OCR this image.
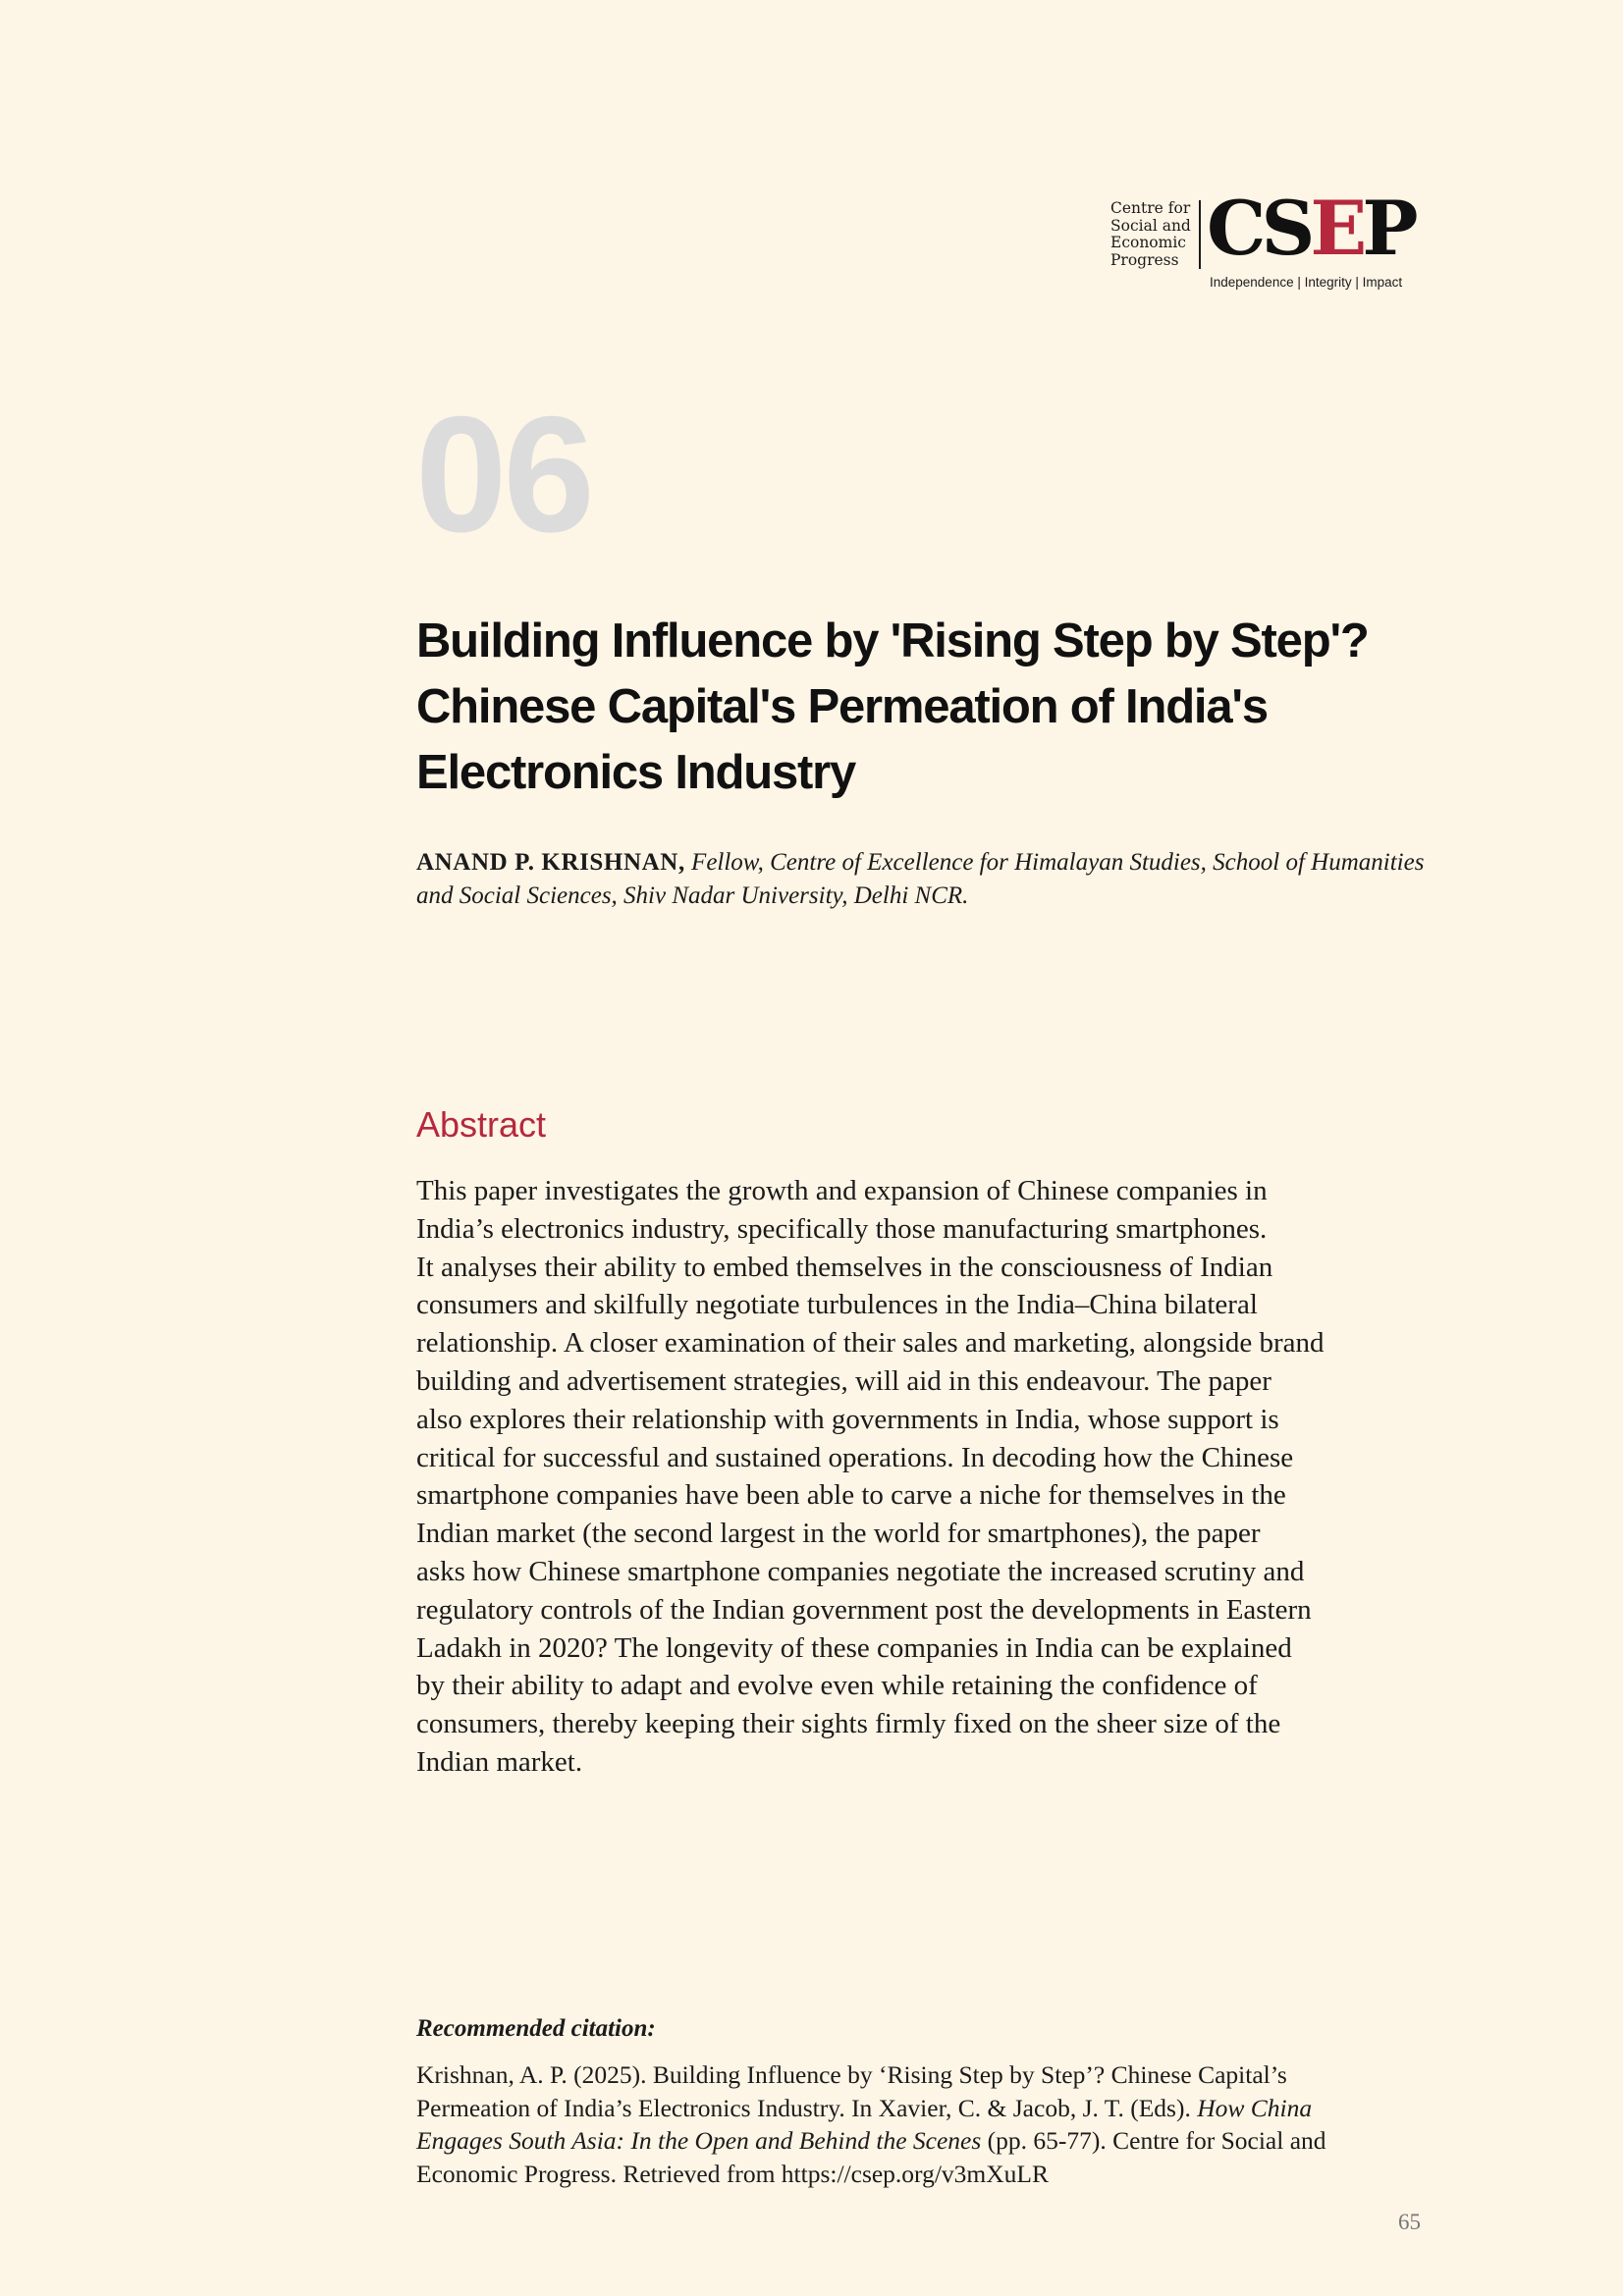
Centre for
Social and
Economic
Progress CSEP
Independence | Integrity | Impact
06
Building Influence by 'Rising Step by Step'?
Chinese Capital's Permeation of India's
Electronics Industry
ANAND P. KRISHNAN, Fellow, Centre of Excellence for Himalayan Studies, School of Humanities and Social Sciences, Shiv Nadar University, Delhi NCR.
Abstract
This paper investigates the growth and expansion of Chinese companies in
India’s electronics industry, specifically those manufacturing smartphones.
It analyses their ability to embed themselves in the consciousness of Indian
consumers and skilfully negotiate turbulences in the India–China bilateral
relationship. A closer examination of their sales and marketing, alongside brand
building and advertisement strategies, will aid in this endeavour. The paper
also explores their relationship with governments in India, whose support is
critical for successful and sustained operations. In decoding how the Chinese
smartphone companies have been able to carve a niche for themselves in the
Indian market (the second largest in the world for smartphones), the paper
asks how Chinese smartphone companies negotiate the increased scrutiny and
regulatory controls of the Indian government post the developments in Eastern
Ladakh in 2020? The longevity of these companies in India can be explained
by their ability to adapt and evolve even while retaining the confidence of
consumers, thereby keeping their sights firmly fixed on the sheer size of the
Indian market.
Recommended citation:
Krishnan, A. P. (2025). Building Influence by ‘Rising Step by Step’? Chinese Capital’s
Permeation of India’s Electronics Industry. In Xavier, C. & Jacob, J. T. (Eds). How China
Engages South Asia: In the Open and Behind the Scenes (pp. 65-77). Centre for Social and
Economic Progress. Retrieved from https://csep.org/v3mXuLR
65
